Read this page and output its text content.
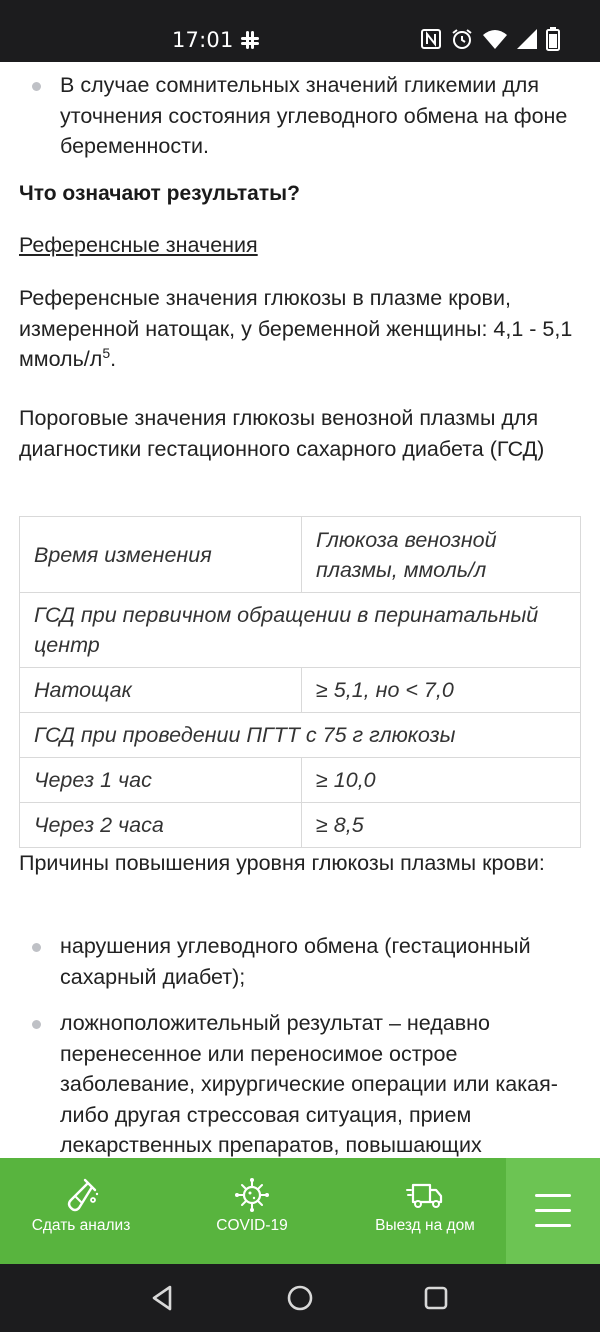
17:01
В случае сомнительных значений гликемии для уточнения состояния углеводного обмена на фоне беременности.
Что означают результаты?
Референсные значения

Референсные значения глюкозы в плазме крови, измеренной натощак, у беременной женщины: 4,1 - 5,1 ммоль/$л^5$.

Пороговые значения глюкозы венозной плазмы для диагностики гестационного сахарного диабета (ГСД)

Время изменения	Глюкоза венозной плазмы, ммоль/л
ГСД при первичном обращении в перинатальный центр	
Натощак	≥ 5,1, но < 7,0
ГСД при проведении ПГТТ с 75 г глюкозы	
Через 1 час	≥ 10,0
Через 2 часа	≥ 8,5

Причины повышения уровня глюкозы плазмы крови:

нарушения углеводного обмена (гестационный сахарный диабет);
ложноположительный результат – недавно перенесенное или переносимое острое заболевание, хирургические операции или какая-либо другая стрессовая ситуация, прием лекарственных препаратов, повышающих
Сдать анализ	COVID-19	Выезд на дом
